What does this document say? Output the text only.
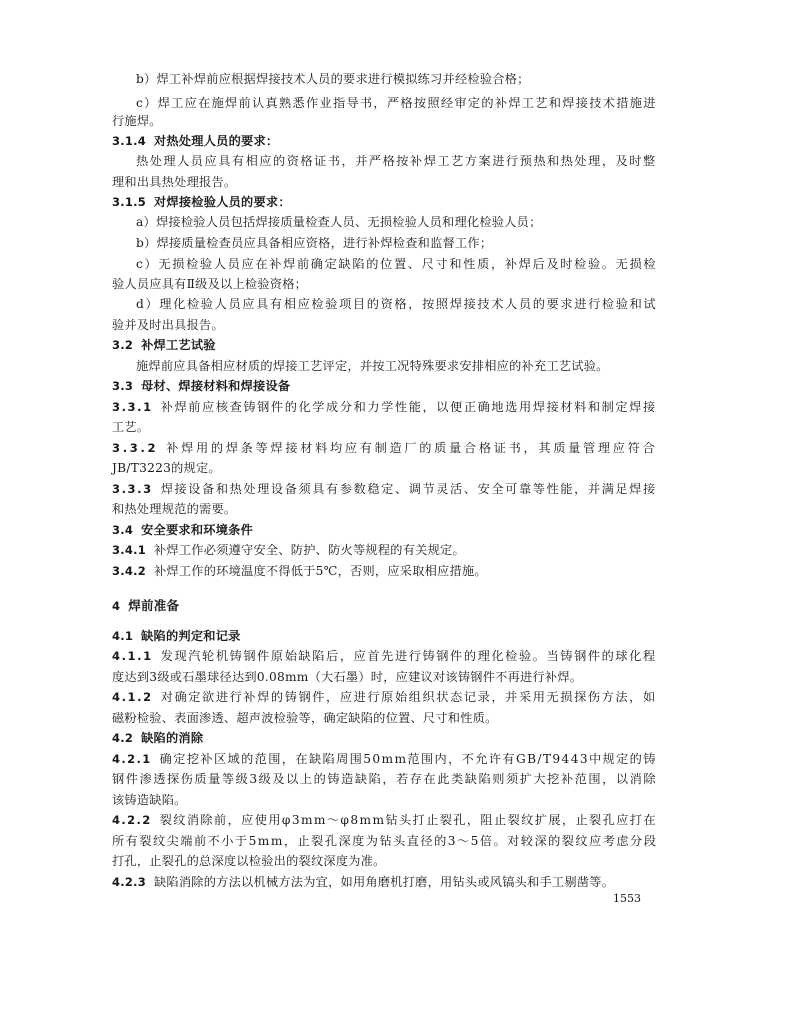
b）焊工补焊前应根据焊接技术人员的要求进行模拟练习并经检验合格；

c）焊工应在施焊前认真熟悉作业指导书，严格按照经审定的补焊工艺和焊接技术措施进

行施焊。

3.1.4 对热处理人员的要求：

热处理人员应具有相应的资格证书，并严格按补焊工艺方案进行预热和热处理，及时整

理和出具热处理报告。

3.1.5 对焊接检验人员的要求：

a）焊接检验人员包括焊接质量检查人员、无损检验人员和理化检验人员；

b）焊接质量检查员应具备相应资格，进行补焊检查和监督工作；

c）无损检验人员应在补焊前确定缺陷的位置、尺寸和性质，补焊后及时检验。无损检

验人员应具有Ⅱ级及以上检验资格；

d）理化检验人员应具有相应检验项目的资格，按照焊接技术人员的要求进行检验和试

验并及时出具报告。

3.2 补焊工艺试验

施焊前应具备相应材质的焊接工艺评定，并按工况特殊要求安排相应的补充工艺试验。

3.3 母材、焊接材料和焊接设备

3.3.1 补焊前应核查铸钢件的化学成分和力学性能，以便正确地选用焊接材料和制定焊接

工艺。

3.3.2 补焊用的焊条等焊接材料均应有制造厂的质量合格证书，其质量管理应符合

JB/T3223的规定。

3.3.3 焊接设备和热处理设备须具有参数稳定、调节灵活、安全可靠等性能，并满足焊接

和热处理规范的需要。

3.4 安全要求和环境条件

3.4.1 补焊工作必须遵守安全、防护、防火等规程的有关规定。

3.4.2 补焊工作的环境温度不得低于5℃，否则，应采取相应措施。

4 焊前准备

4.1 缺陷的判定和记录

4.1.1 发现汽轮机铸钢件原始缺陷后，应首先进行铸钢件的理化检验。当铸钢件的球化程

度达到3级或石墨球径达到0.08mm（大石墨）时，应建议对该铸钢件不再进行补焊。

4.1.2 对确定欲进行补焊的铸钢件，应进行原始组织状态记录，并采用无损探伤方法，如

磁粉检验、表面渗透、超声波检验等，确定缺陷的位置、尺寸和性质。

4.2 缺陷的消除

4.2.1 确定挖补区域的范围，在缺陷周围50mm范围内，不允许有GB/T9443中规定的铸

钢件渗透探伤质量等级3级及以上的铸造缺陷，若存在此类缺陷则须扩大挖补范围，以消除

该铸造缺陷。

4.2.2 裂纹消除前，应使用φ3mm～φ8mm钻头打止裂孔，阻止裂纹扩展，止裂孔应打在

所有裂纹尖端前不小于5mm，止裂孔深度为钻头直径的3～5倍。对较深的裂纹应考虑分段

打孔，止裂孔的总深度以检验出的裂纹深度为准。

4.2.3 缺陷消除的方法以机械方法为宜，如用角磨机打磨，用钻头或风镐头和手工剔凿等。

1553
